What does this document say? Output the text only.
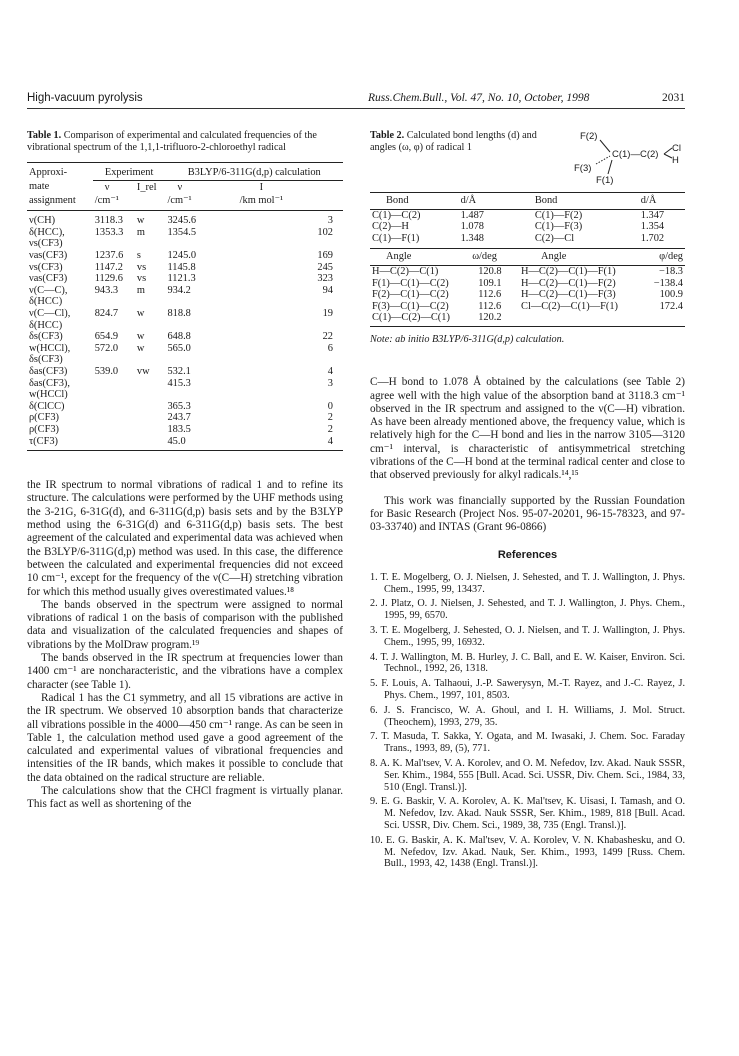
High-vacuum pyrolysis	Russ.Chem.Bull., Vol. 47, No. 10, October, 1998	2031
Table 1. Comparison of experimental and calculated frequencies of the vibrational spectrum of the 1,1,1-trifluoro-2-chloroethyl radical
Approxi-	Experiment		B3LYP/6-311G(d,p) calculation	
mate	ν	I_rel	ν	I
assignment	/cm⁻¹		/cm⁻¹	/km mol⁻¹
ν(CH)	3118.3	w	3245.6	3
δ(HCC),	1353.3	m	1354.5	102
νs(CF3)				
νas(CF3)	1237.6	s	1245.0	169
νs(CF3)	1147.2	vs	1145.8	245
νas(CF3)	1129.6	vs	1121.3	323
ν(C—C),	943.3	m	934.2	94
δ(HCC)				
ν(C—Cl),	824.7	w	818.8	19
δ(HCC)				
δs(CF3)	654.9	w	648.8	22
w(HCCl),	572.0	w	565.0	6
δs(CF3)				
δas(CF3)	539.0	vw	532.1	4
δas(CF3),			415.3	3
w(HCCl)				
δ(ClCC)			365.3	0
ρ(CF3)			243.7	2
ρ(CF3)			183.5	2
τ(CF3)			45.0	4

the IR spectrum to normal vibrations of radical 1 and to refine its structure. The calculations were performed by the UHF methods using the 3-21G, 6-31G(d), and 6-311G(d,p) basis sets and by the B3LYP method using the 6-31G(d) and 6-311G(d,p) basis sets. The best agreement of the calculated and experimental data was achieved when the B3LYP/6-311G(d,p) method was used. In this case, the difference between the calculated and experimental frequencies did not exceed 10 cm⁻¹, except for the frequency of the ν(C—H) stretching vibration for which this method usually gives overestimated values.¹⁸

The bands observed in the spectrum were assigned to normal vibrations of radical 1 on the basis of comparison with the published data and visualization of the calculated frequencies and shapes of vibrations by the MolDraw program.¹⁹

The bands observed in the IR spectrum at frequencies lower than 1400 cm⁻¹ are noncharacteristic, and the vibrations have a complex character (see Table 1).

Radical 1 has the C1 symmetry, and all 15 vibrations are active in the IR spectrum. We observed 10 absorption bands that characterize all vibrations possible in the 4000—450 cm⁻¹ range. As can be seen in Table 1, the calculation method used gave a good agreement of the calculated and experimental values of vibrational frequencies and intensities of the IR bands, which makes it possible to conclude that the data obtained on the radical structure are reliable.

The calculations show that the CHCl fragment is virtually planar. This fact as well as shortening of the

Table 2. Calculated bond lengths (d) and angles (ω, φ) of radical 1
F(2)
C(1)—C(2)
Cl
H
F(3)
F(1)
Bond	d/Å	Bond	d/Å
C(1)—C(2)	1.487	C(1)—F(2)	1.347
C(2)—H	1.078	C(1)—F(3)	1.354
C(1)—F(1)	1.348	C(2)—Cl	1.702
Angle	ω/deg	Angle	φ/deg
H—C(2)—C(1)	120.8	H—C(2)—C(1)—F(1)	−18.3
F(1)—C(1)—C(2)	109.1	H—C(2)—C(1)—F(2)	−138.4
F(2)—C(1)—C(2)	112.6	H—C(2)—C(1)—F(3)	100.9
F(3)—C(1)—C(2)	112.6	Cl—C(2)—C(1)—F(1)	172.4
C(1)—C(2)—C(1)	120.2		
Note: ab initio B3LYP/6-311G(d,p) calculation.

C—H bond to 1.078 Å obtained by the calculations (see Table 2) agree well with the high value of the absorption band at 3118.3 cm⁻¹ observed in the IR spectrum and assigned to the ν(C—H) vibration. As have been already mentioned above, the frequency value, which is relatively high for the C—H bond and lies in the narrow 3105—3120 cm⁻¹ interval, is characteristic of antisymmetrical stretching vibrations of the C—H bond at the terminal radical center and close to that observed previously for alkyl radicals.¹⁴,¹⁵

This work was financially supported by the Russian Foundation for Basic Research (Project Nos. 95-07-20201, 96-15-78323, and 97-03-33740) and INTAS (Grant 96-0866)

References
1. T. E. Mogelberg, O. J. Nielsen, J. Sehested, and T. J. Wallington, J. Phys. Chem., 1995, 99, 13437.
2. J. Platz, O. J. Nielsen, J. Sehested, and T. J. Wallington, J. Phys. Chem., 1995, 99, 6570.
3. T. E. Mogelberg, J. Sehested, O. J. Nielsen, and T. J. Wallington, J. Phys. Chem., 1995, 99, 16932.
4. T. J. Wallington, M. B. Hurley, J. C. Ball, and E. W. Kaiser, Environ. Sci. Technol., 1992, 26, 1318.
5. F. Louis, A. Talhaoui, J.-P. Sawerysyn, M.-T. Rayez, and J.-C. Rayez, J. Phys. Chem., 1997, 101, 8503.
6. J. S. Francisco, W. A. Ghoul, and I. H. Williams, J. Mol. Struct. (Theochem), 1993, 279, 35.
7. T. Masuda, T. Sakka, Y. Ogata, and M. Iwasaki, J. Chem. Soc. Faraday Trans., 1993, 89, (5), 771.
8. A. K. Mal'tsev, V. A. Korolev, and O. M. Nefedov, Izv. Akad. Nauk SSSR, Ser. Khim., 1984, 555 [Bull. Acad. Sci. USSR, Div. Chem. Sci., 1984, 33, 510 (Engl. Transl.)].
9. E. G. Baskir, V. A. Korolev, A. K. Mal'tsev, K. Uisasi, I. Tamash, and O. M. Nefedov, Izv. Akad. Nauk SSSR, Ser. Khim., 1989, 818 [Bull. Acad. Sci. USSR, Div. Chem. Sci., 1989, 38, 735 (Engl. Transl.)].
10. E. G. Baskir, A. K. Mal'tsev, V. A. Korolev, V. N. Khabashesku, and O. M. Nefedov, Izv. Akad. Nauk, Ser. Khim., 1993, 1499 [Russ. Chem. Bull., 1993, 42, 1438 (Engl. Transl.)].
